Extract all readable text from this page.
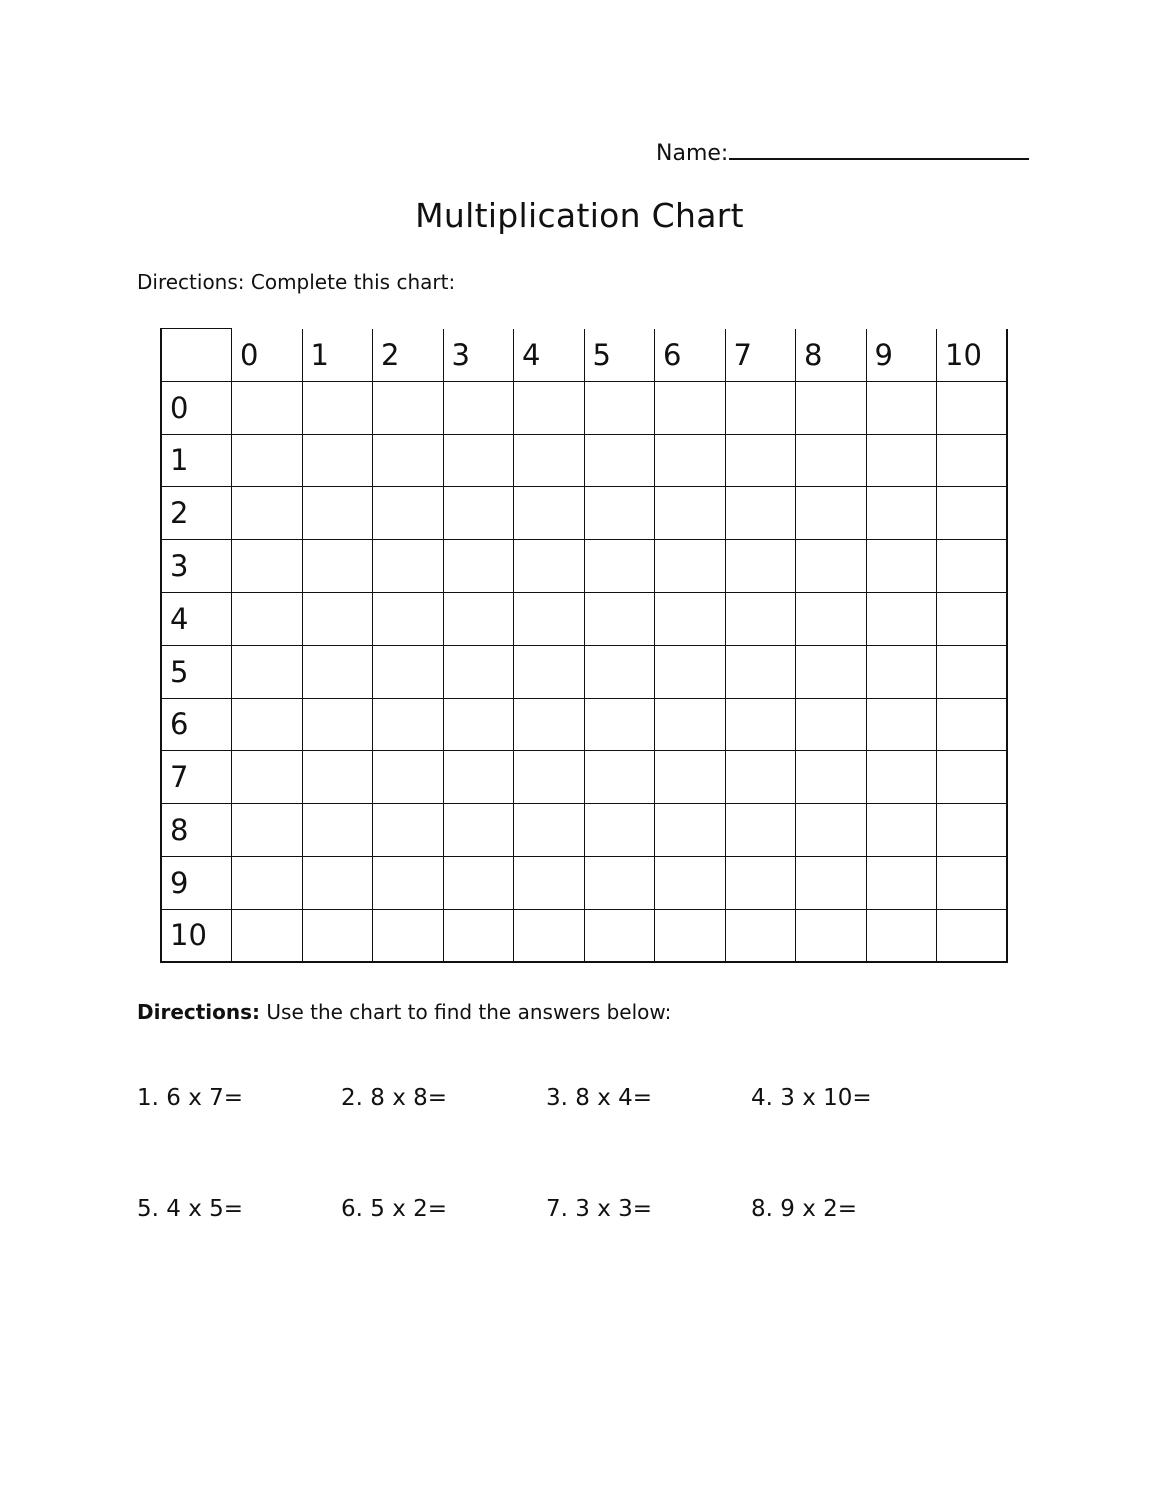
Name:
Multiplication Chart
Directions: Complete this chart:
	0	1	2	3	4	5	6	7	8	9	10
0											
1											
2											
3											
4											
5											
6											
7											
8											
9											
10											
Directions: Use the chart to find the answers below:
1. 6 x 7=	2. 8 x 8=	3. 8 x 4=	4. 3 x 10=
5. 4 x 5=	6. 5 x 2=	7. 3 x 3=	8. 9 x 2=
